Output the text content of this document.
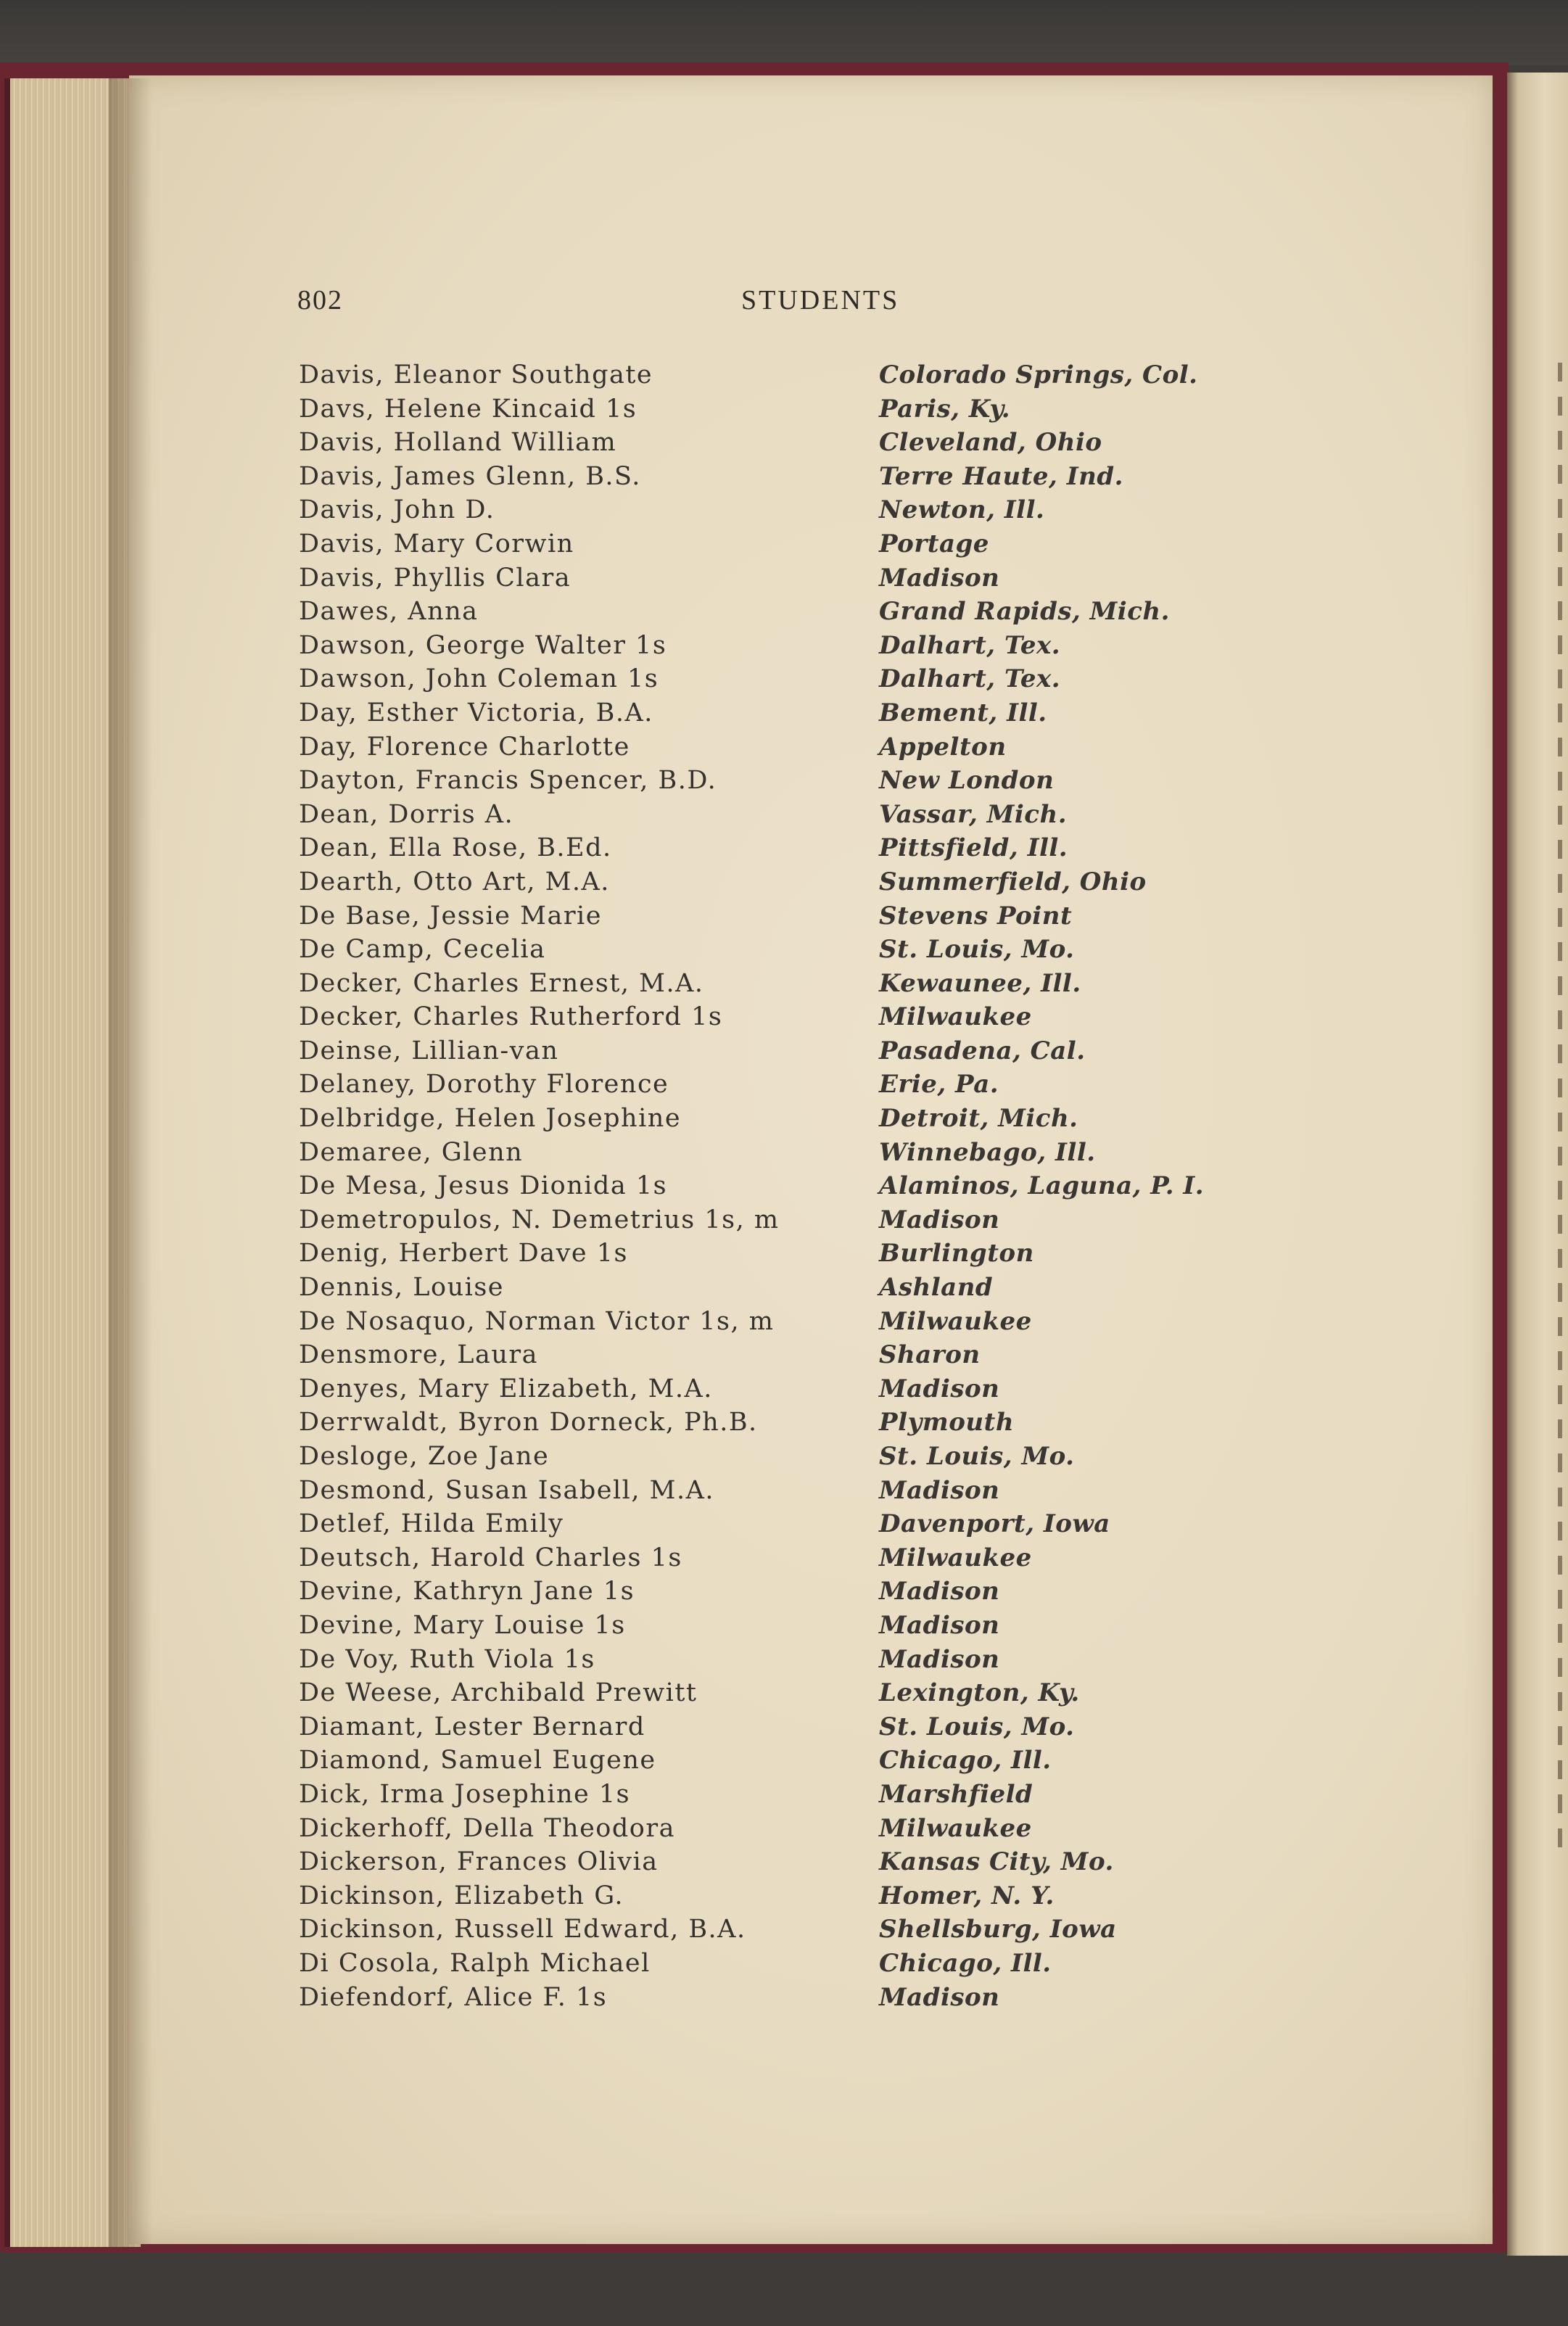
802	STUDENTS
Davis, Eleanor Southgate	Colorado Springs, Col.
Davs, Helene Kincaid 1s	Paris, Ky.
Davis, Holland William	Cleveland, Ohio
Davis, James Glenn, B.S.	Terre Haute, Ind.
Davis, John D.	Newton, Ill.
Davis, Mary Corwin	Portage
Davis, Phyllis Clara	Madison
Dawes, Anna	Grand Rapids, Mich.
Dawson, George Walter 1s	Dalhart, Tex.
Dawson, John Coleman 1s	Dalhart, Tex.
Day, Esther Victoria, B.A.	Bement, Ill.
Day, Florence Charlotte	Appelton
Dayton, Francis Spencer, B.D.	New London
Dean, Dorris A.	Vassar, Mich.
Dean, Ella Rose, B.Ed.	Pittsfield, Ill.
Dearth, Otto Art, M.A.	Summerfield, Ohio
De Base, Jessie Marie	Stevens Point
De Camp, Cecelia	St. Louis, Mo.
Decker, Charles Ernest, M.A.	Kewaunee, Ill.
Decker, Charles Rutherford 1s	Milwaukee
Deinse, Lillian-van	Pasadena, Cal.
Delaney, Dorothy Florence	Erie, Pa.
Delbridge, Helen Josephine	Detroit, Mich.
Demaree, Glenn	Winnebago, Ill.
De Mesa, Jesus Dionida 1s	Alaminos, Laguna, P. I.
Demetropulos, N. Demetrius 1s, m	Madison
Denig, Herbert Dave 1s	Burlington
Dennis, Louise	Ashland
De Nosaquo, Norman Victor 1s, m	Milwaukee
Densmore, Laura	Sharon
Denyes, Mary Elizabeth, M.A.	Madison
Derrwaldt, Byron Dorneck, Ph.B.	Plymouth
Desloge, Zoe Jane	St. Louis, Mo.
Desmond, Susan Isabell, M.A.	Madison
Detlef, Hilda Emily	Davenport, Iowa
Deutsch, Harold Charles 1s	Milwaukee
Devine, Kathryn Jane 1s	Madison
Devine, Mary Louise 1s	Madison
De Voy, Ruth Viola 1s	Madison
De Weese, Archibald Prewitt	Lexington, Ky.
Diamant, Lester Bernard	St. Louis, Mo.
Diamond, Samuel Eugene	Chicago, Ill.
Dick, Irma Josephine 1s	Marshfield
Dickerhoff, Della Theodora	Milwaukee
Dickerson, Frances Olivia	Kansas City, Mo.
Dickinson, Elizabeth G.	Homer, N. Y.
Dickinson, Russell Edward, B.A.	Shellsburg, Iowa
Di Cosola, Ralph Michael	Chicago, Ill.
Diefendorf, Alice F. 1s	Madison
